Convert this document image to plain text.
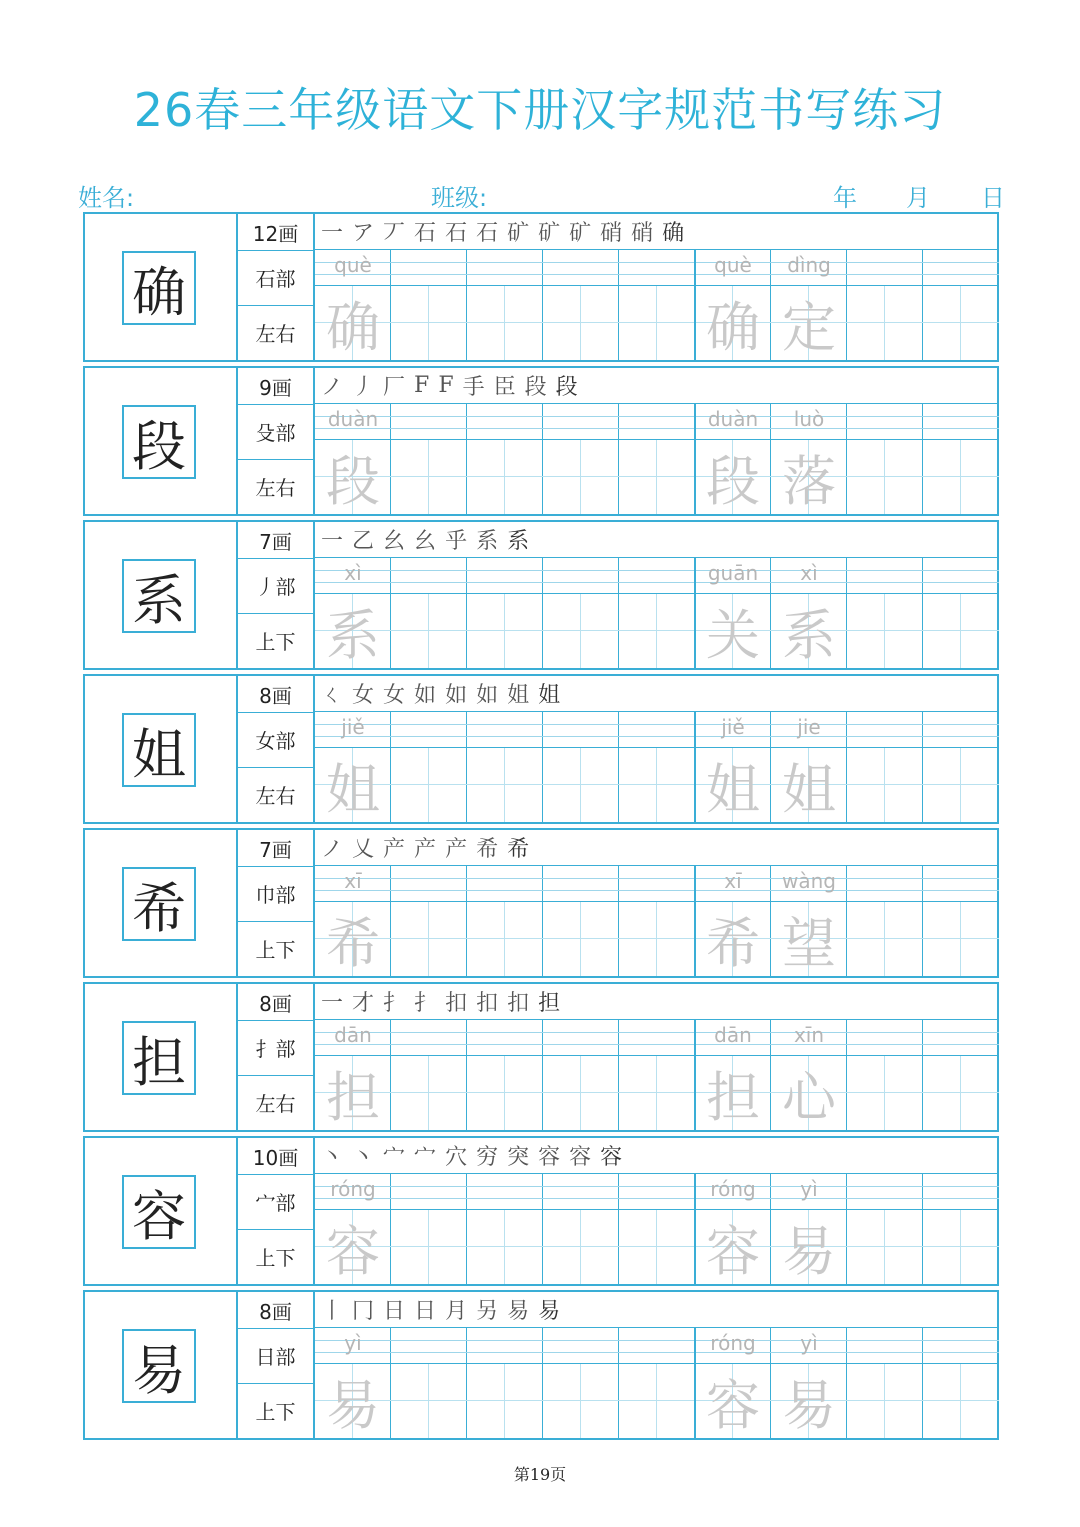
26春三年级语文下册汉字规范书写练习
姓名:	班级:	年 月 日
确
12画
石部
左右
一 ア 丆 石 石 石 矿 矿 矿 硝 硝 确
què
确
què
确
dìng
定
段
9画
殳部
左右
ノ 丿 厂 F F 手 臣 段 段
duàn
段
duàn
段
luò
落
系
7画
丿部
上下
一 乙 幺 幺 乎 系 系
xì
系
guān
关
xì
系
姐
8画
女部
左右
ㄑ 女 女 如 如 如 姐 姐
jiě
姐
jiě
姐
jie
姐
希
7画
巾部
上下
ノ 乂 产 产 产 希 希
xī
希
xī
希
wàng
望
担
8画
扌部
左右
一 才 扌 扌 扣 扣 扣 担
dān
担
dān
担
xīn
心
容
10画
宀部
上下
丶 丶 宀 宀 穴 穷 突 容 容 容
róng
容
róng
容
yì
易
易
8画
日部
上下
丨 冂 日 日 月 另 易 易
yì
易
róng
容
yì
易
第19页
